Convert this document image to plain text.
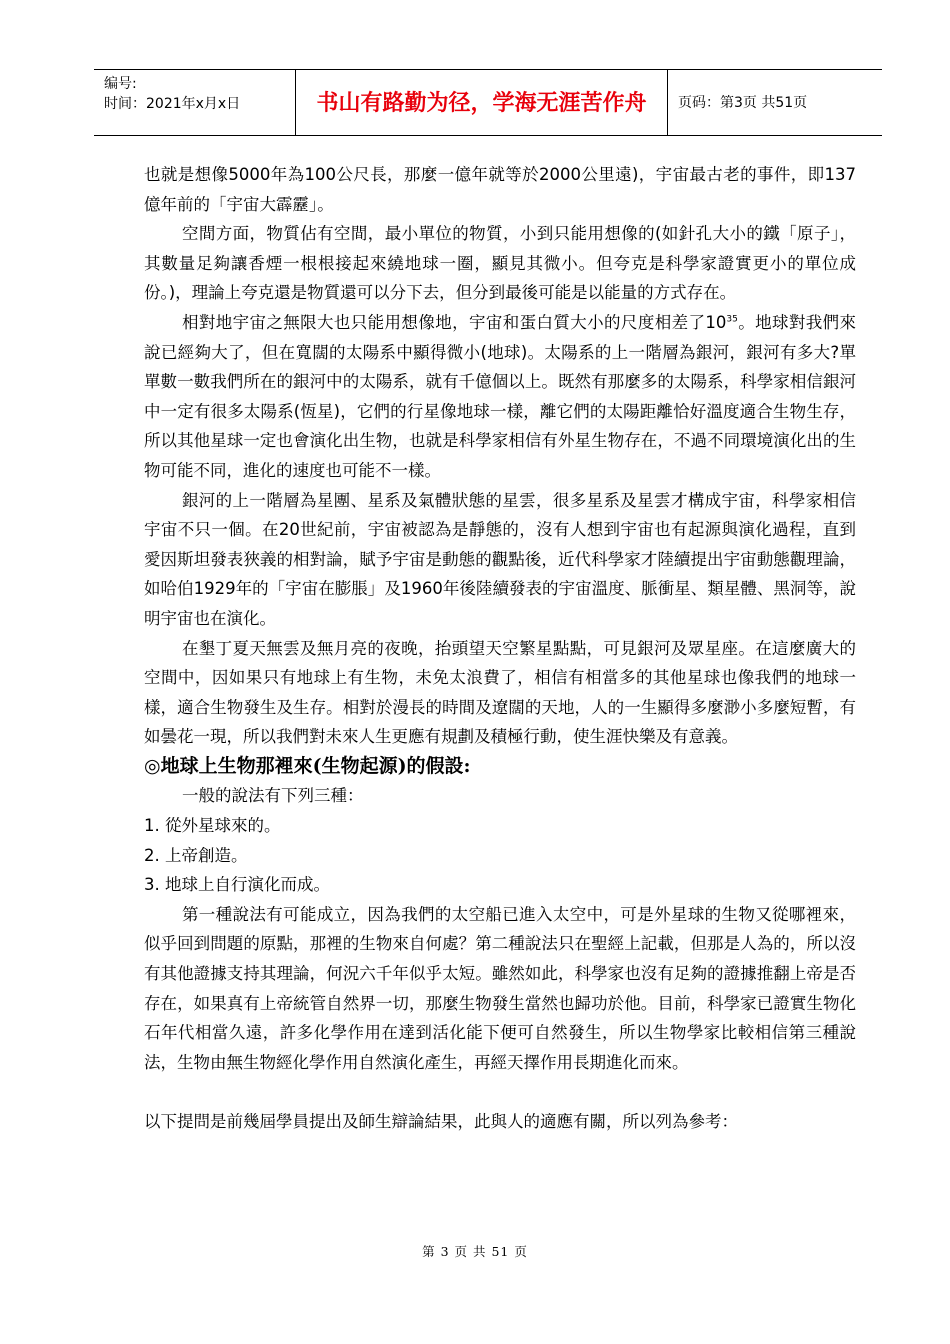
编号:
时间：2021年x月x日	书山有路勤为径，学海无涯苦作舟	页码：第3页 共51页

也就是想像5000年為100公尺長，那麼一億年就等於2000公里遠)，宇宙最古老的事件，即137億年前的「宇宙大霹靂」。

空間方面，物質佔有空間，最小單位的物質，小到只能用想像的(如針孔大小的鐵「原子」，其數量足夠讓香煙一根根接起來繞地球一圈，顯見其微小。但夸克是科學家證實更小的單位成份。)，理論上夸克還是物質還可以分下去，但分到最後可能是以能量的方式存在。

相對地宇宙之無限大也只能用想像地，宇宙和蛋白質大小的尺度相差了$10^{35}$。地球對我們來說已經夠大了，但在寬闊的太陽系中顯得微小(地球)。太陽系的上一階層為銀河，銀河有多大?單單數一數我們所在的銀河中的太陽系，就有千億個以上。既然有那麼多的太陽系，科學家相信銀河中一定有很多太陽系(恆星)，它們的行星像地球一樣，離它們的太陽距離恰好溫度適合生物生存，所以其他星球一定也會演化出生物，也就是科學家相信有外星生物存在，不過不同環境演化出的生物可能不同，進化的速度也可能不一樣。

銀河的上一階層為星團、星系及氣體狀態的星雲，很多星系及星雲才構成宇宙，科學家相信宇宙不只一個。在20世紀前，宇宙被認為是靜態的，沒有人想到宇宙也有起源與演化過程，直到愛因斯坦發表狹義的相對論，賦予宇宙是動態的觀點後，近代科學家才陸續提出宇宙動態觀理論，如哈伯1929年的「宇宙在膨脹」及1960年後陸續發表的宇宙溫度、脈衝星、類星體、黑洞等，說明宇宙也在演化。

在墾丁夏天無雲及無月亮的夜晚，抬頭望天空繁星點點，可見銀河及眾星座。在這麼廣大的空間中，因如果只有地球上有生物，未免太浪費了，相信有相當多的其他星球也像我們的地球一樣，適合生物發生及生存。相對於漫長的時間及遼闊的天地，人的一生顯得多麼渺小多麼短暫，有如曇花一現，所以我們對未來人生更應有規劃及積極行動，使生涯快樂及有意義。

◎地球上生物那裡來(生物起源)的假設:

一般的說法有下列三種：

1. 從外星球來的。

2. 上帝創造。

3. 地球上自行演化而成。

第一種說法有可能成立，因為我們的太空船已進入太空中，可是外星球的生物又從哪裡來，似乎回到問題的原點，那裡的生物來自何處？第二種說法只在聖經上記載，但那是人為的，所以沒有其他證據支持其理論，何況六千年似乎太短。雖然如此，科學家也沒有足夠的證據推翻上帝是否存在，如果真有上帝統管自然界一切，那麼生物發生當然也歸功於他。目前，科學家已證實生物化石年代相當久遠，許多化學作用在達到活化能下便可自然發生，所以生物學家比較相信第三種說法，生物由無生物經化學作用自然演化產生，再經天擇作用長期進化而來。

以下提問是前幾屆學員提出及師生辯論結果，此與人的適應有關，所以列為參考：

第 3 页 共 51 页
